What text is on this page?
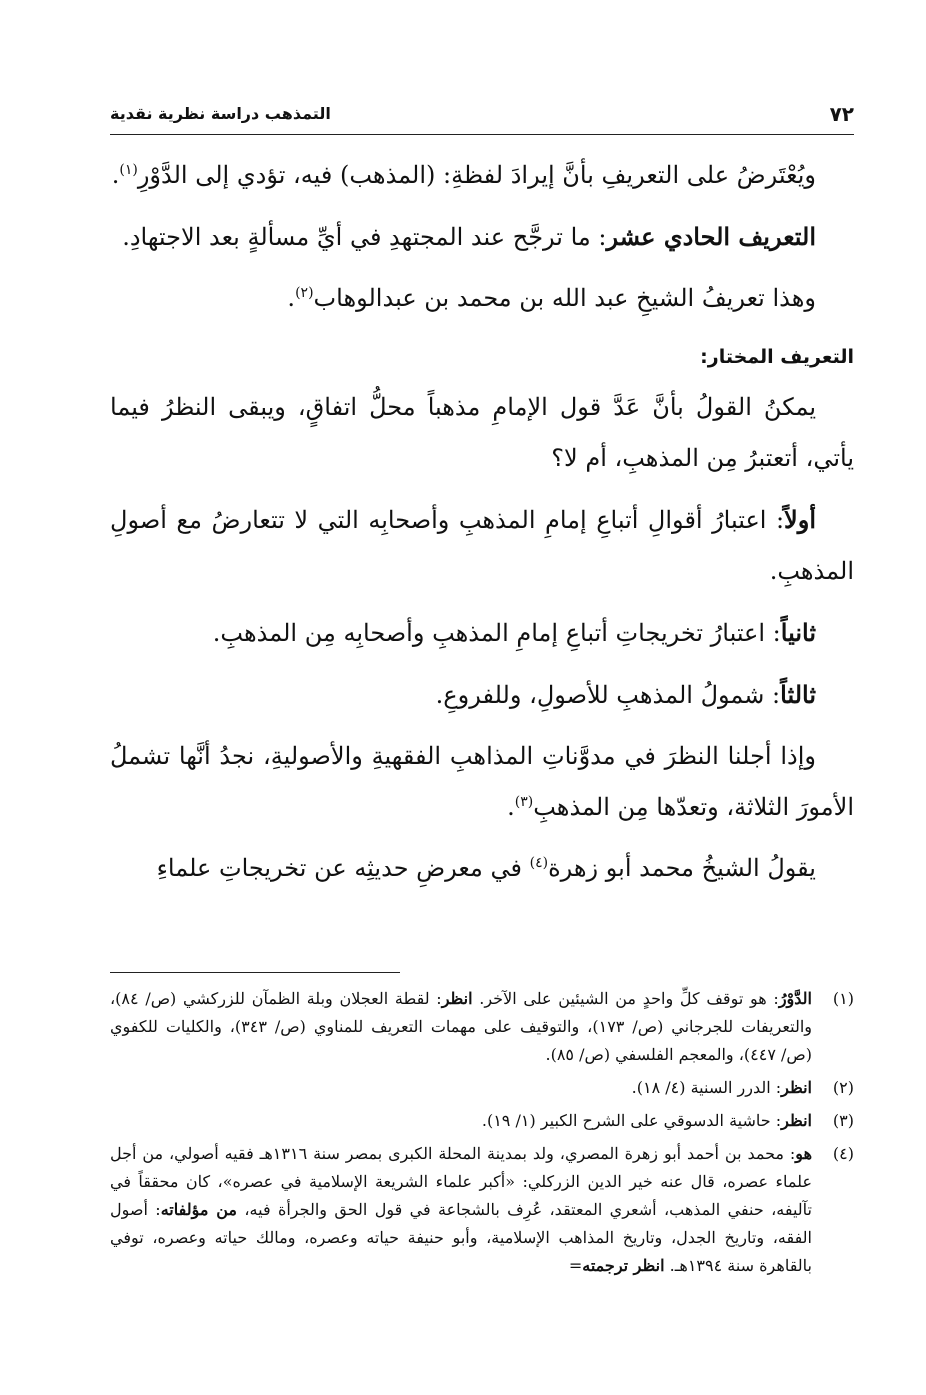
٧٢
التمذهب دراسة نظرية نقدية

ويُعْتَرضُ على التعريفِ بأنَّ إيرادَ لفظةِ: (المذهب) فيه، تؤدي إلى الدَّوْرِ$^{(١)}$.

التعريف الحادي عشر: ما ترجَّح عند المجتهدِ في أيِّ مسألةٍ بعد الاجتهادِ.

وهذا تعريفُ الشيخِ عبد الله بن محمد بن عبدالوهاب$^{(٢)}$.

التعريف المختار:

يمكنُ القولُ بأنَّ عَدَّ قول الإمامِ مذهباً محلُّ اتفاقٍ، ويبقى النظرُ فيما يأتي، أتعتبرُ مِن المذهبِ، أم لا؟

أولاً: اعتبارُ أقوالِ أتباعِ إمامِ المذهبِ وأصحابِه التي لا تتعارضُ مع أصولِ المذهبِ.

ثانياً: اعتبارُ تخريجاتِ أتباعِ إمامِ المذهبِ وأصحابِه مِن المذهبِ.

ثالثاً: شمولُ المذهبِ للأصولِ، وللفروعِ.

وإذا أجلنا النظرَ في مدوَّناتِ المذاهبِ الفقهيةِ والأصوليةِ، نجدُ أنَّها تشملُ الأمورَ الثلاثة، وتعدّها مِن المذهبِ$^{(٣)}$.

يقولُ الشيخُ محمد أبو زهرة$^{(٤)}$ في معرضِ حديثِه عن تخريجاتِ علماءِ

(١)
الدَّوْرُ: هو توقف كلِّ واحدٍ من الشيئين على الآخر. انظر: لقطة العجلان وبلة الظمآن للزركشي (ص/ ٨٤)، والتعريفات للجرجاني (ص/ ١٧٣)، والتوقيف على مهمات التعريف للمناوي (ص/ ٣٤٣)، والكليات للكفوي (ص/ ٤٤٧)، والمعجم الفلسفي (ص/ ٨٥).
(٢)
انظر: الدرر السنية (٤/ ١٨).
(٣)
انظر: حاشية الدسوقي على الشرح الكبير (١/ ١٩).
(٤)
هو: محمد بن أحمد أبو زهرة المصري، ولد بمدينة المحلة الكبرى بمصر سنة ١٣١٦هـ فقيه أصولي، من أجل علماء عصره، قال عنه خير الدين الزركلي: «أكبر علماء الشريعة الإسلامية في عصره»، كان محققاً في تآليفه، حنفي المذهب، أشعري المعتقد، عُرِف بالشجاعة في قول الحق والجرأة فيه، من مؤلفاته: أصول الفقه، وتاريخ الجدل، وتاريخ المذاهب الإسلامية، وأبو حنيفة حياته وعصره، ومالك حياته وعصره، توفي بالقاهرة سنة ١٣٩٤هـ. انظر ترجمته=
